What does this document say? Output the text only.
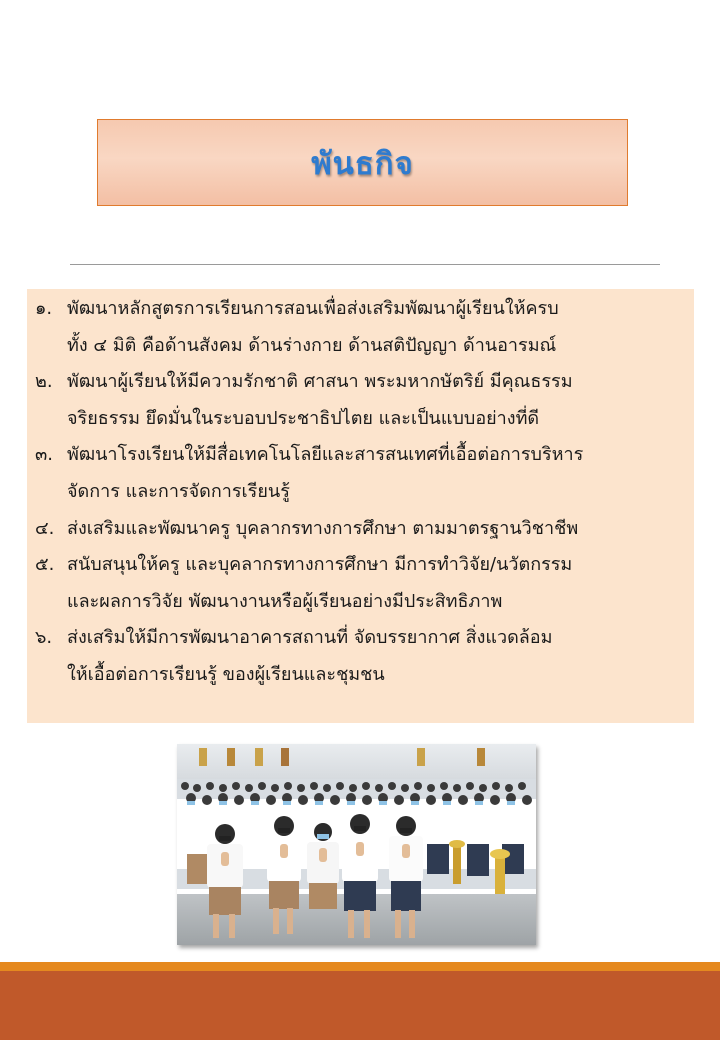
พันธกิจ
๑. พัฒนาหลักสูตรการเรียนการสอนเพื่อส่งเสริมพัฒนาผู้เรียนให้ครบ
ทั้ง ๔ มิติ คือด้านสังคม ด้านร่างกาย ด้านสติปัญญา ด้านอารมณ์
๒. พัฒนาผู้เรียนให้มีความรักชาติ ศาสนา พระมหากษัตริย์ มีคุณธรรม
จริยธรรม ยึดมั่นในระบอบประชาธิปไตย และเป็นแบบอย่างที่ดี
๓. พัฒนาโรงเรียนให้มีสื่อเทคโนโลยีและสารสนเทศที่เอื้อต่อการบริหาร
จัดการ และการจัดการเรียนรู้
๔. ส่งเสริมและพัฒนาครู บุคลากรทางการศึกษา ตามมาตรฐานวิชาชีพ
๕. สนับสนุนให้ครู และบุคลากรทางการศึกษา มีการทำวิจัย/นวัตกรรม
และผลการวิจัย พัฒนางานหรือผู้เรียนอย่างมีประสิทธิภาพ
๖. ส่งเสริมให้มีการพัฒนาอาคารสถานที่ จัดบรรยากาศ สิ่งแวดล้อม
ให้เอื้อต่อการเรียนรู้ ของผู้เรียนและชุมชน
